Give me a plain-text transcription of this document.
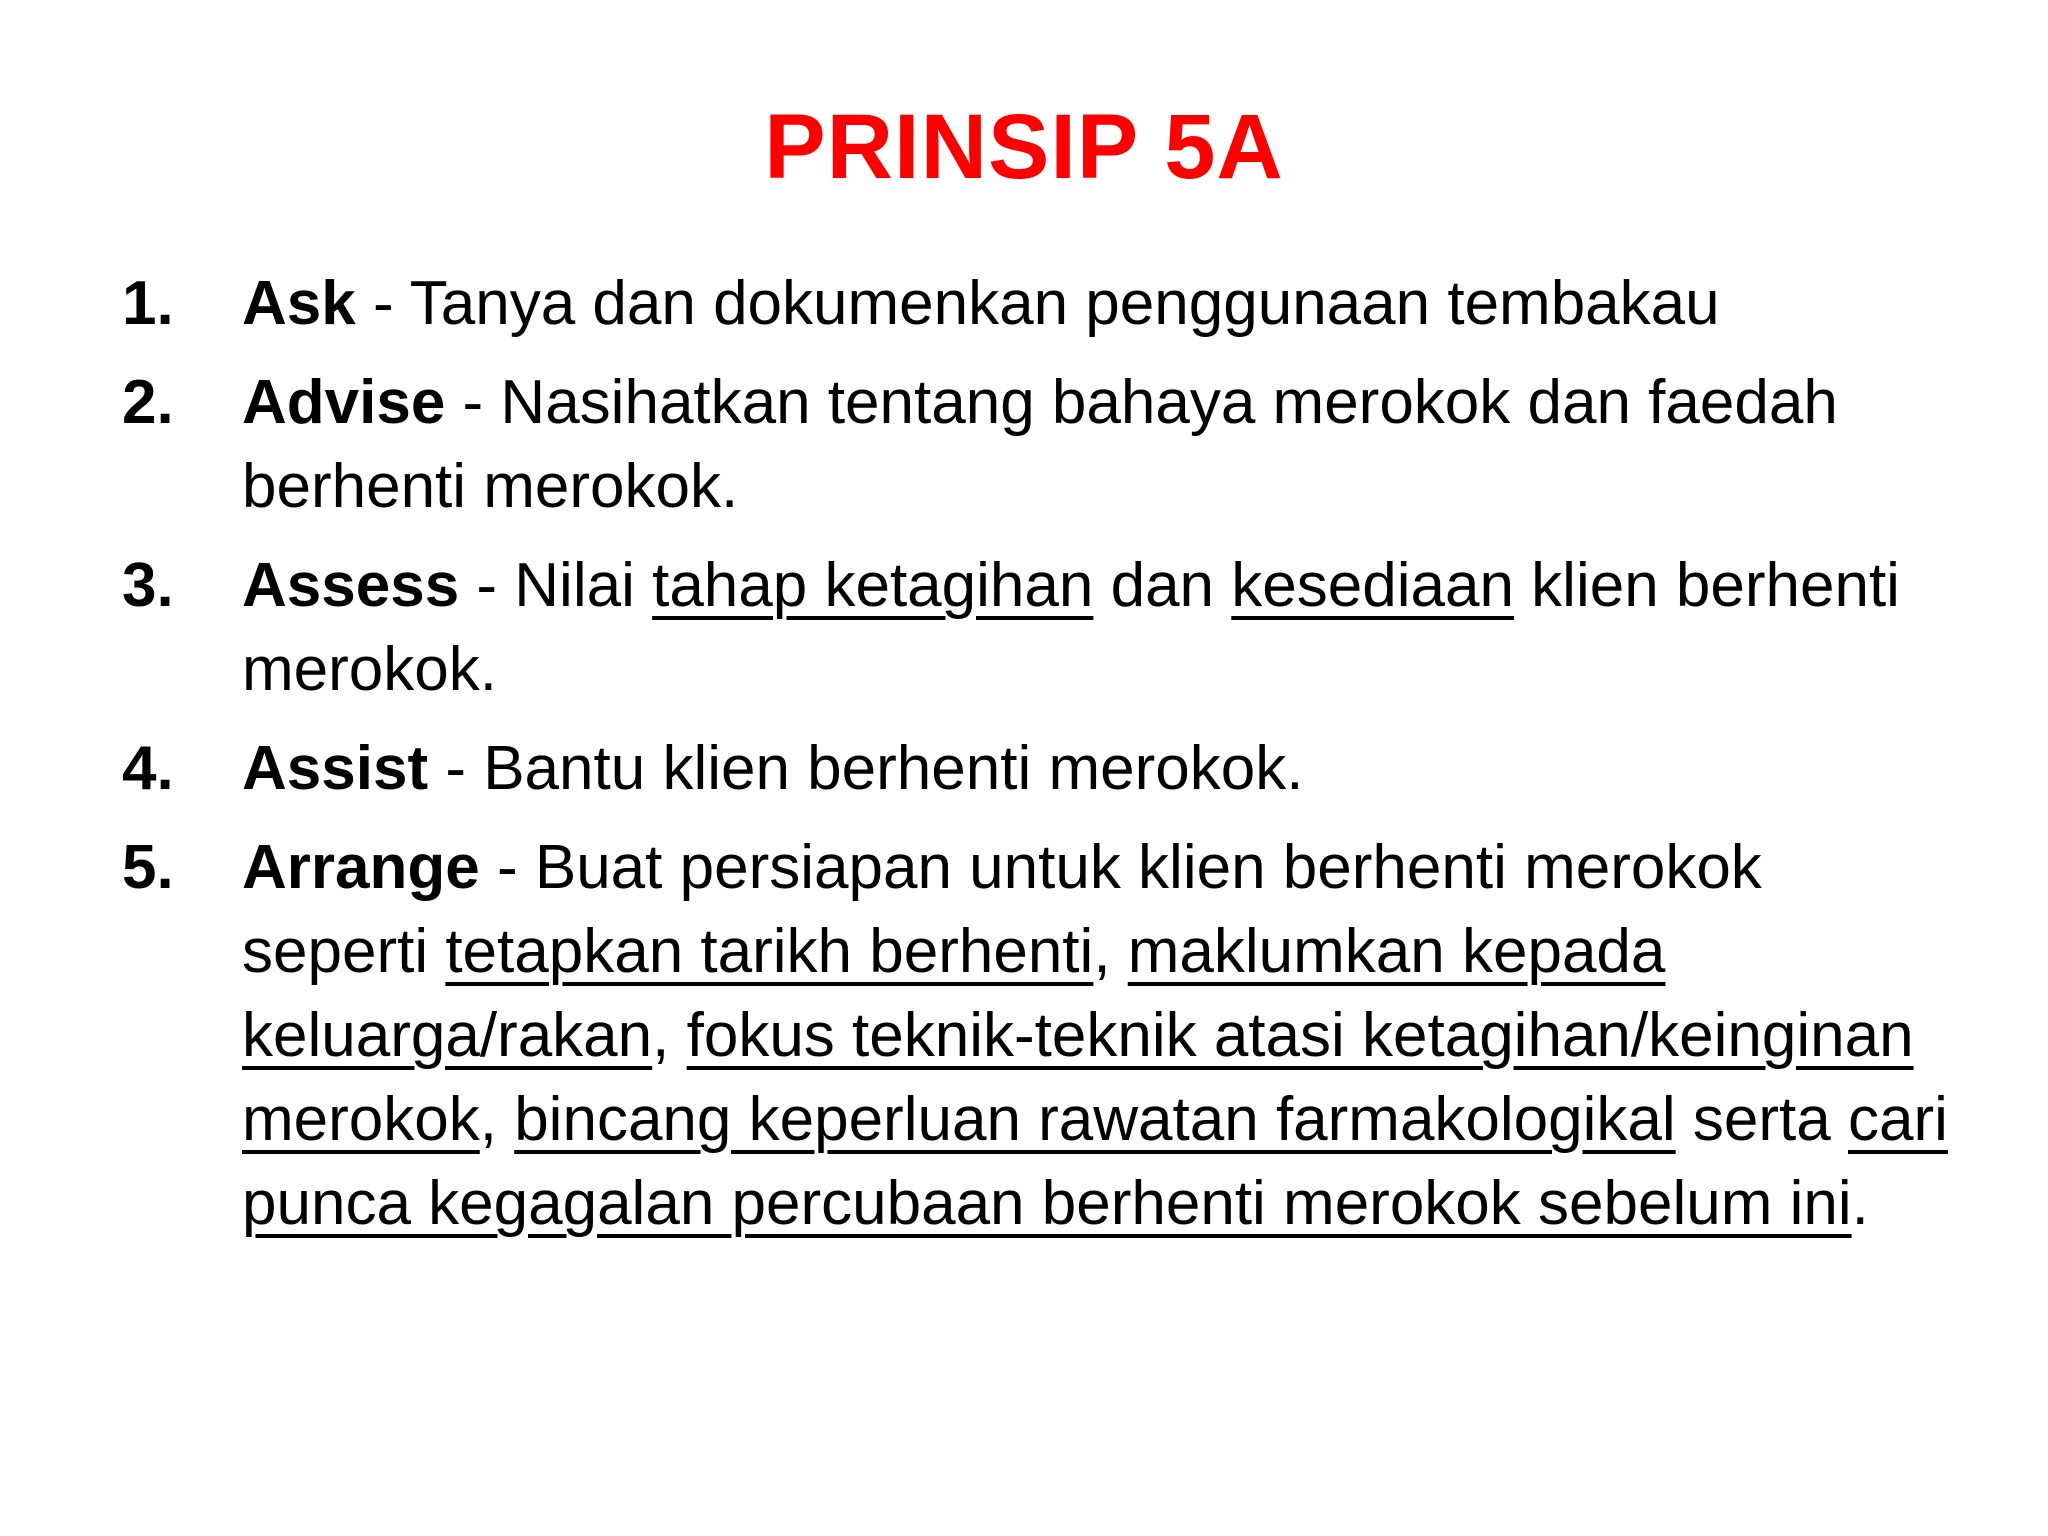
PRINSIP 5A
1. Ask - Tanya dan dokumenkan penggunaan tembakau
2. Advise - Nasihatkan tentang bahaya merokok dan faedah berhenti merokok.
3. Assess - Nilai tahap ketagihan dan kesediaan klien berhenti merokok.
4. Assist - Bantu klien berhenti merokok.
5. Arrange - Buat persiapan untuk klien berhenti merokok seperti tetapkan tarikh berhenti, maklumkan kepada keluarga/rakan, fokus teknik-teknik atasi ketagihan/keinginan merokok, bincang keperluan rawatan farmakologikal serta cari punca kegagalan percubaan berhenti merokok sebelum ini.
